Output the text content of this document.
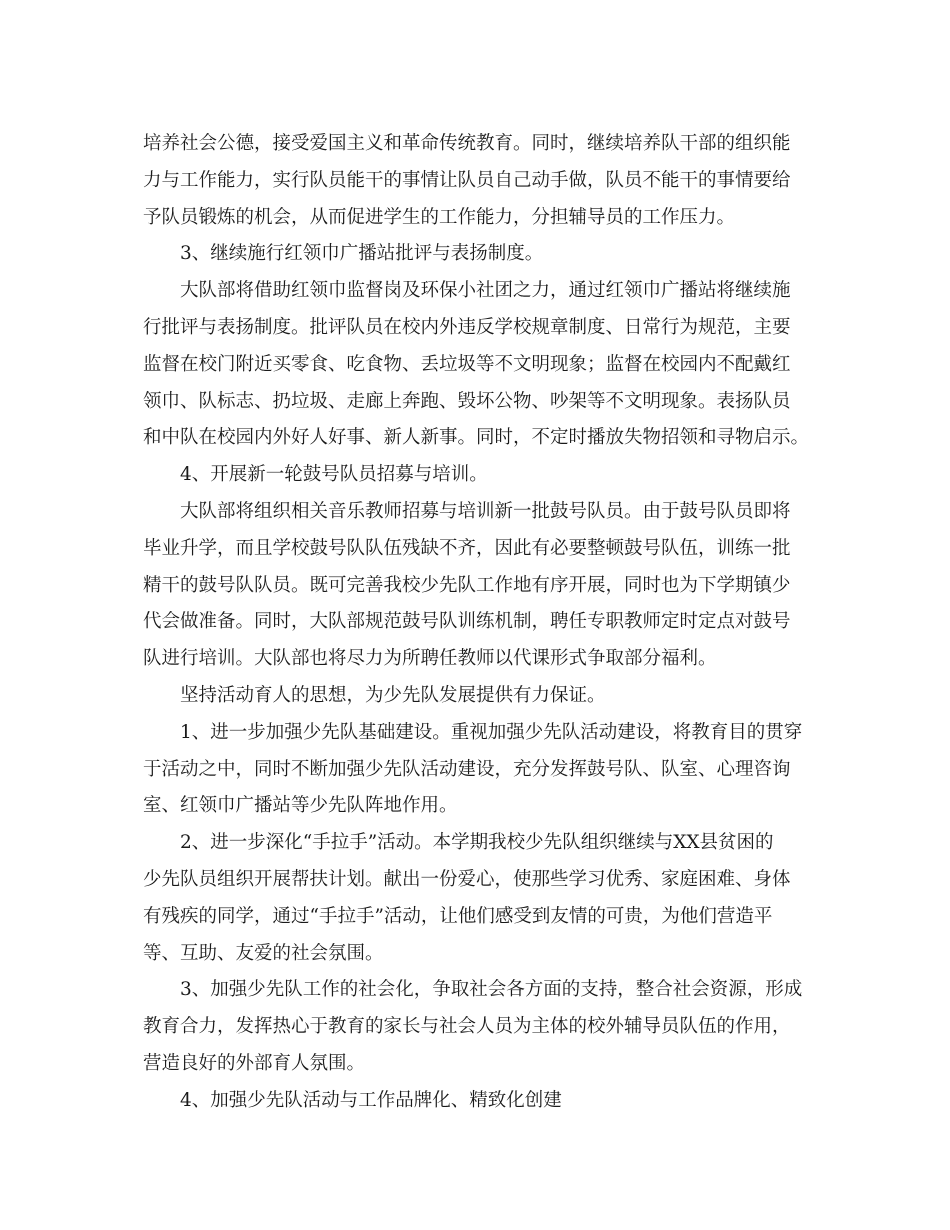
培养社会公德，接受爱国主义和革命传统教育。同时，继续培养队干部的组织能
力与工作能力，实行队员能干的事情让队员自己动手做，队员不能干的事情要给
予队员锻炼的机会，从而促进学生的工作能力，分担辅导员的工作压力。

3、继续施行红领巾广播站批评与表扬制度。

大队部将借助红领巾监督岗及环保小社团之力，通过红领巾广播站将继续施
行批评与表扬制度。批评队员在校内外违反学校规章制度、日常行为规范，主要
监督在校门附近买零食、吃食物、丢垃圾等不文明现象；监督在校园内不配戴红
领巾、队标志、扔垃圾、走廊上奔跑、毁坏公物、吵架等不文明现象。表扬队员
和中队在校园内外好人好事、新人新事。同时，不定时播放失物招领和寻物启示。

4、开展新一轮鼓号队员招募与培训。

大队部将组织相关音乐教师招募与培训新一批鼓号队员。由于鼓号队员即将
毕业升学，而且学校鼓号队队伍残缺不齐，因此有必要整顿鼓号队伍，训练一批
精干的鼓号队队员。既可完善我校少先队工作地有序开展，同时也为下学期镇少
代会做准备。同时，大队部规范鼓号队训练机制，聘任专职教师定时定点对鼓号
队进行培训。大队部也将尽力为所聘任教师以代课形式争取部分福利。

坚持活动育人的思想，为少先队发展提供有力保证。

1、进一步加强少先队基础建设。重视加强少先队活动建设，将教育目的贯穿
于活动之中，同时不断加强少先队活动建设，充分发挥鼓号队、队室、心理咨询
室、红领巾广播站等少先队阵地作用。

2、进一步深化“手拉手”活动。本学期我校少先队组织继续与XX县贫困的
少先队员组织开展帮扶计划。献出一份爱心，使那些学习优秀、家庭困难、身体
有残疾的同学，通过“手拉手”活动，让他们感受到友情的可贵，为他们营造平
等、互助、友爱的社会氛围。

3、加强少先队工作的社会化，争取社会各方面的支持，整合社会资源，形成
教育合力，发挥热心于教育的家长与社会人员为主体的校外辅导员队伍的作用，
营造良好的外部育人氛围。

4、加强少先队活动与工作品牌化、精致化创建
